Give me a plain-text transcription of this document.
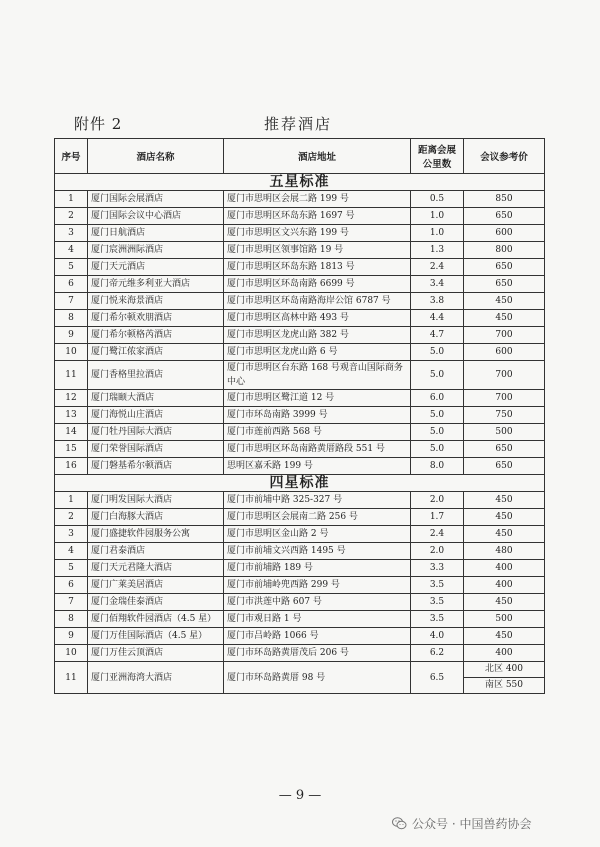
附件 2	推荐酒店
序号	酒店名称	酒店地址	距离会展公里数	会议参考价
五星标准				
1	厦门国际会展酒店	厦门市思明区会展二路 199 号	0.5	850
2	厦门国际会议中心酒店	厦门市思明区环岛东路 1697 号	1.0	650
3	厦门日航酒店	厦门市思明区文兴东路 199 号	1.0	600
4	厦门宸洲洲际酒店	厦门市思明区领事馆路 19 号	1.3	800
5	厦门天元酒店	厦门市思明区环岛东路 1813 号	2.4	650
6	厦门帝元维多利亚大酒店	厦门市思明区环岛南路 6699 号	3.4	650
7	厦门悦来海景酒店	厦门市思明区环岛南路海岸公馆 6787 号	3.8	450
8	厦门希尔顿欢朋酒店	厦门市思明区高林中路 493 号	4.4	450
9	厦门希尔顿格芮酒店	厦门市思明区龙虎山路 382 号	4.7	700
10	厦门鹭江侬家酒店	厦门市思明区龙虎山路 6 号	5.0	600
11	厦门香格里拉酒店	厦门市思明区台东路 168 号观音山国际商务中心	5.0	700
12	厦门瑞颐大酒店	厦门市思明区鹭江道 12 号	6.0	700
13	厦门海悦山庄酒店	厦门市环岛南路 3999 号	5.0	750
14	厦门牡丹国际大酒店	厦门市莲前西路 568 号	5.0	500
15	厦门荣誉国际酒店	厦门市思明区环岛南路黄厝路段 551 号	5.0	650
16	厦门磐基希尔顿酒店	思明区嘉禾路 199 号	8.0	650
四星标准				
1	厦门明发国际大酒店	厦门市前埔中路 325-327 号	2.0	450
2	厦门白海豚大酒店	厦门市思明区会展南二路 256 号	1.7	450
3	厦门盛捷软件园服务公寓	厦门市思明区金山路 2 号	2.4	450
4	厦门君泰酒店	厦门市前埔文兴西路 1495 号	2.0	480
5	厦门天元君隆大酒店	厦门市前埔路 189 号	3.3	400
6	厦门广莱美居酒店	厦门市前埔岭兜西路 299 号	3.5	400
7	厦门金瑞佳泰酒店	厦门市洪莲中路 607 号	3.5	450
8	厦门佰翔软件园酒店（4.5 星）	厦门市观日路 1 号	3.5	500
9	厦门万佳国际酒店（4.5 星）	厦门市吕岭路 1066 号	4.0	450
10	厦门万佳云顶酒店	厦门市环岛路黄厝茂后 206 号	6.2	400
11	厦门亚洲海湾大酒店	厦门市环岛路黄厝 98 号	6.5	北区 400
南区 550
— 9 —
公众号 · 中国兽药协会
